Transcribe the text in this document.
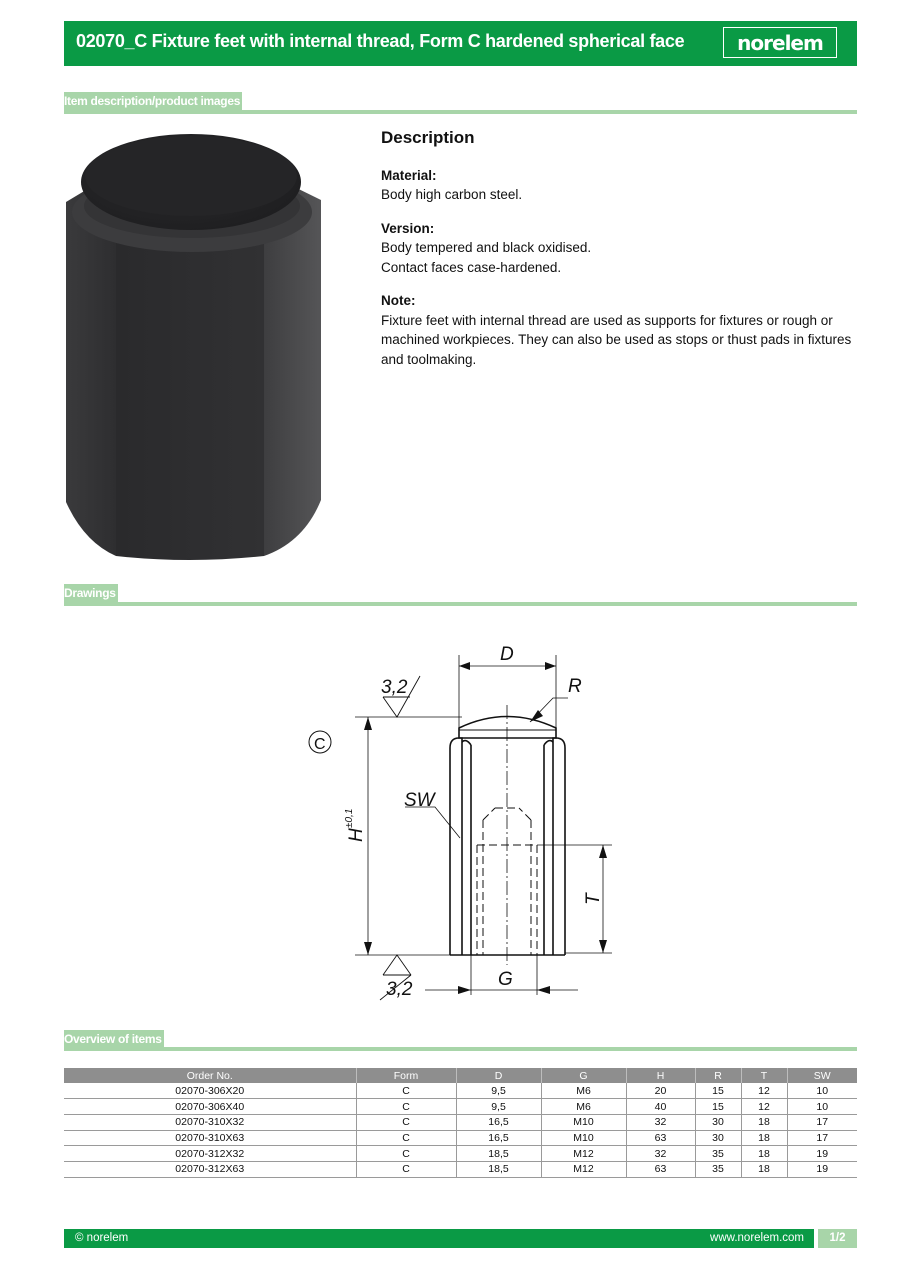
02070_C Fixture feet with internal thread, Form C hardened spherical face	norelem
Item description/product images
Description
Material:
Body high carbon steel.
Version:
Body tempered and black oxidised.
Contact faces case-hardened.
Note:
Fixture feet with internal thread are used as supports for fixtures or rough or machined workpieces. They can also be used as stops or thust pads in fixtures and toolmaking.
Drawings
D
R
3,2
3,2
SW
G
T
H
±0,1
C
Overview of items
Order No.	Form	D	G	H	R	T	SW
02070-306X20	C	9,5	M6	20	15	12	10
02070-306X40	C	9,5	M6	40	15	12	10
02070-310X32	C	16,5	M10	32	30	18	17
02070-310X63	C	16,5	M10	63	30	18	17
02070-312X32	C	18,5	M12	32	35	18	19
02070-312X63	C	18,5	M12	63	35	18	19
© norelem	www.norelem.com	1/2
